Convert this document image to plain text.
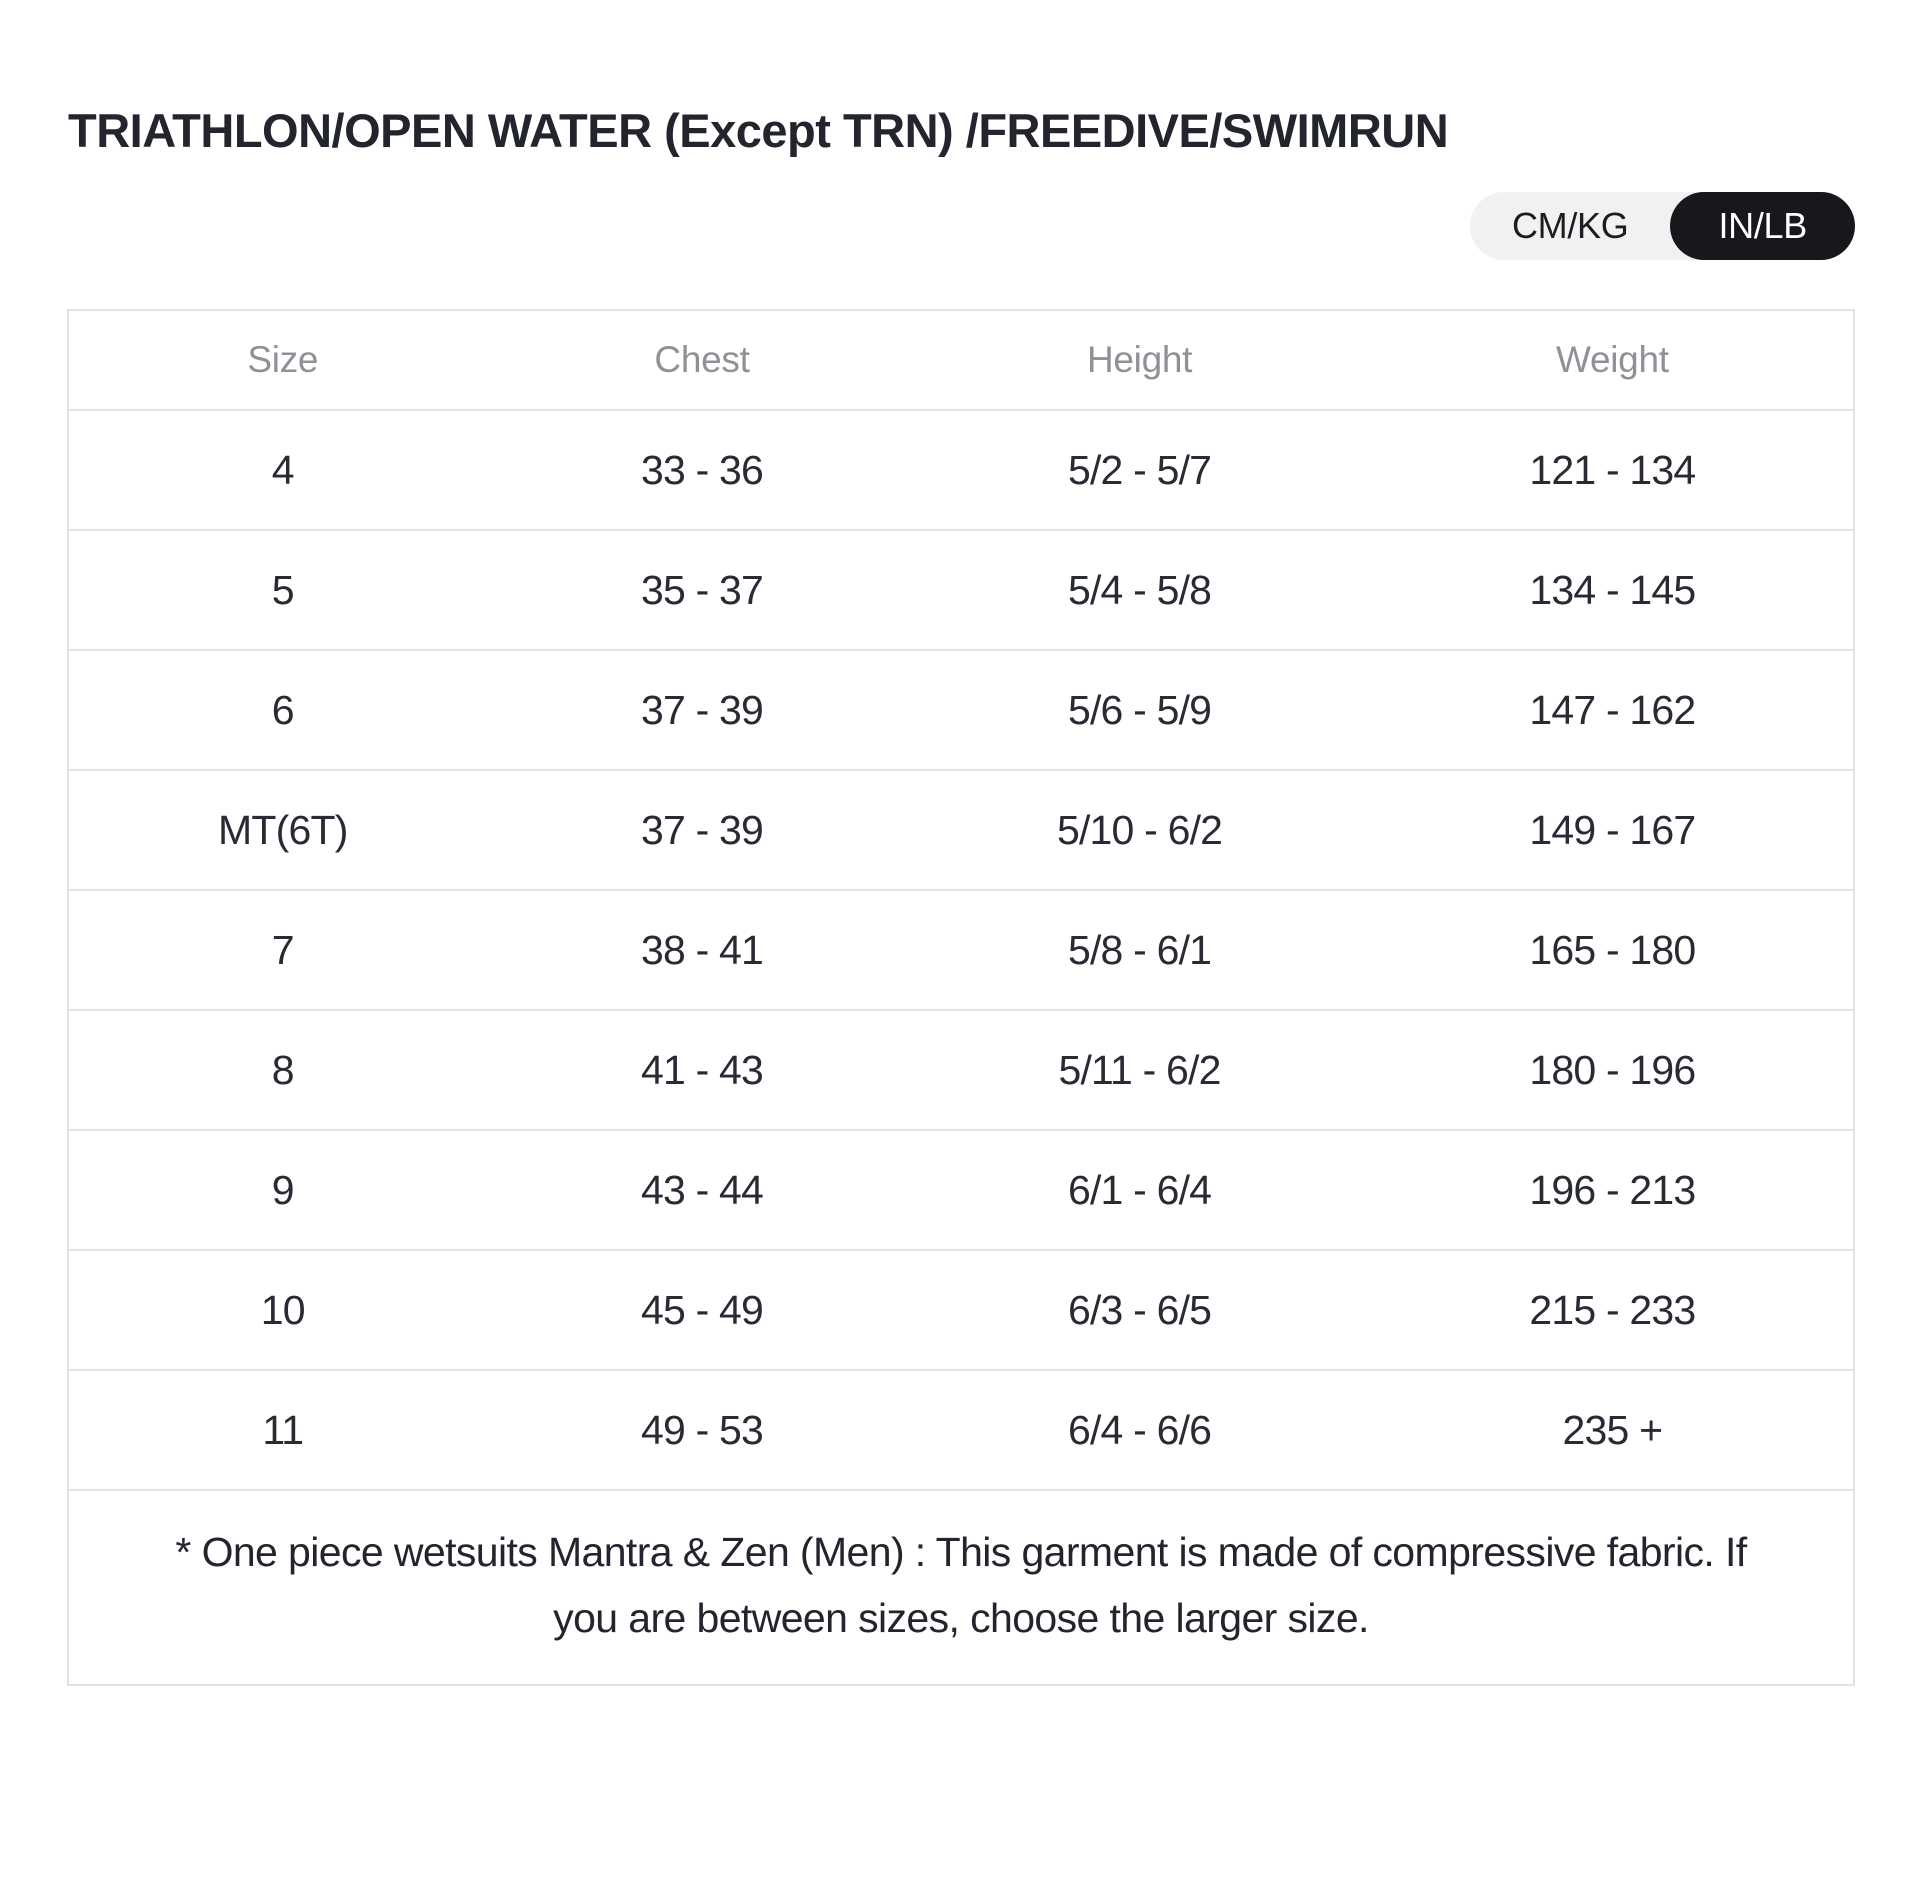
TRIATHLON/OPEN WATER (Except TRN) /FREEDIVE/SWIMRUN
CM/KG	IN/LB
Size	Chest	Height	Weight
4	33 - 36	5/2 - 5/7	121 - 134
5	35 - 37	5/4 - 5/8	134 - 145
6	37 - 39	5/6 - 5/9	147 - 162
MT(6T)	37 - 39	5/10 - 6/2	149 - 167
7	38 - 41	5/8 - 6/1	165 - 180
8	41 - 43	5/11 - 6/2	180 - 196
9	43 - 44	6/1 - 6/4	196 - 213
10	45 - 49	6/3 - 6/5	215 - 233
11	49 - 53	6/4 - 6/6	235 +
* One piece wetsuits Mantra & Zen (Men) : This garment is made of compressive fabric. If you are between sizes, choose the larger size.			
